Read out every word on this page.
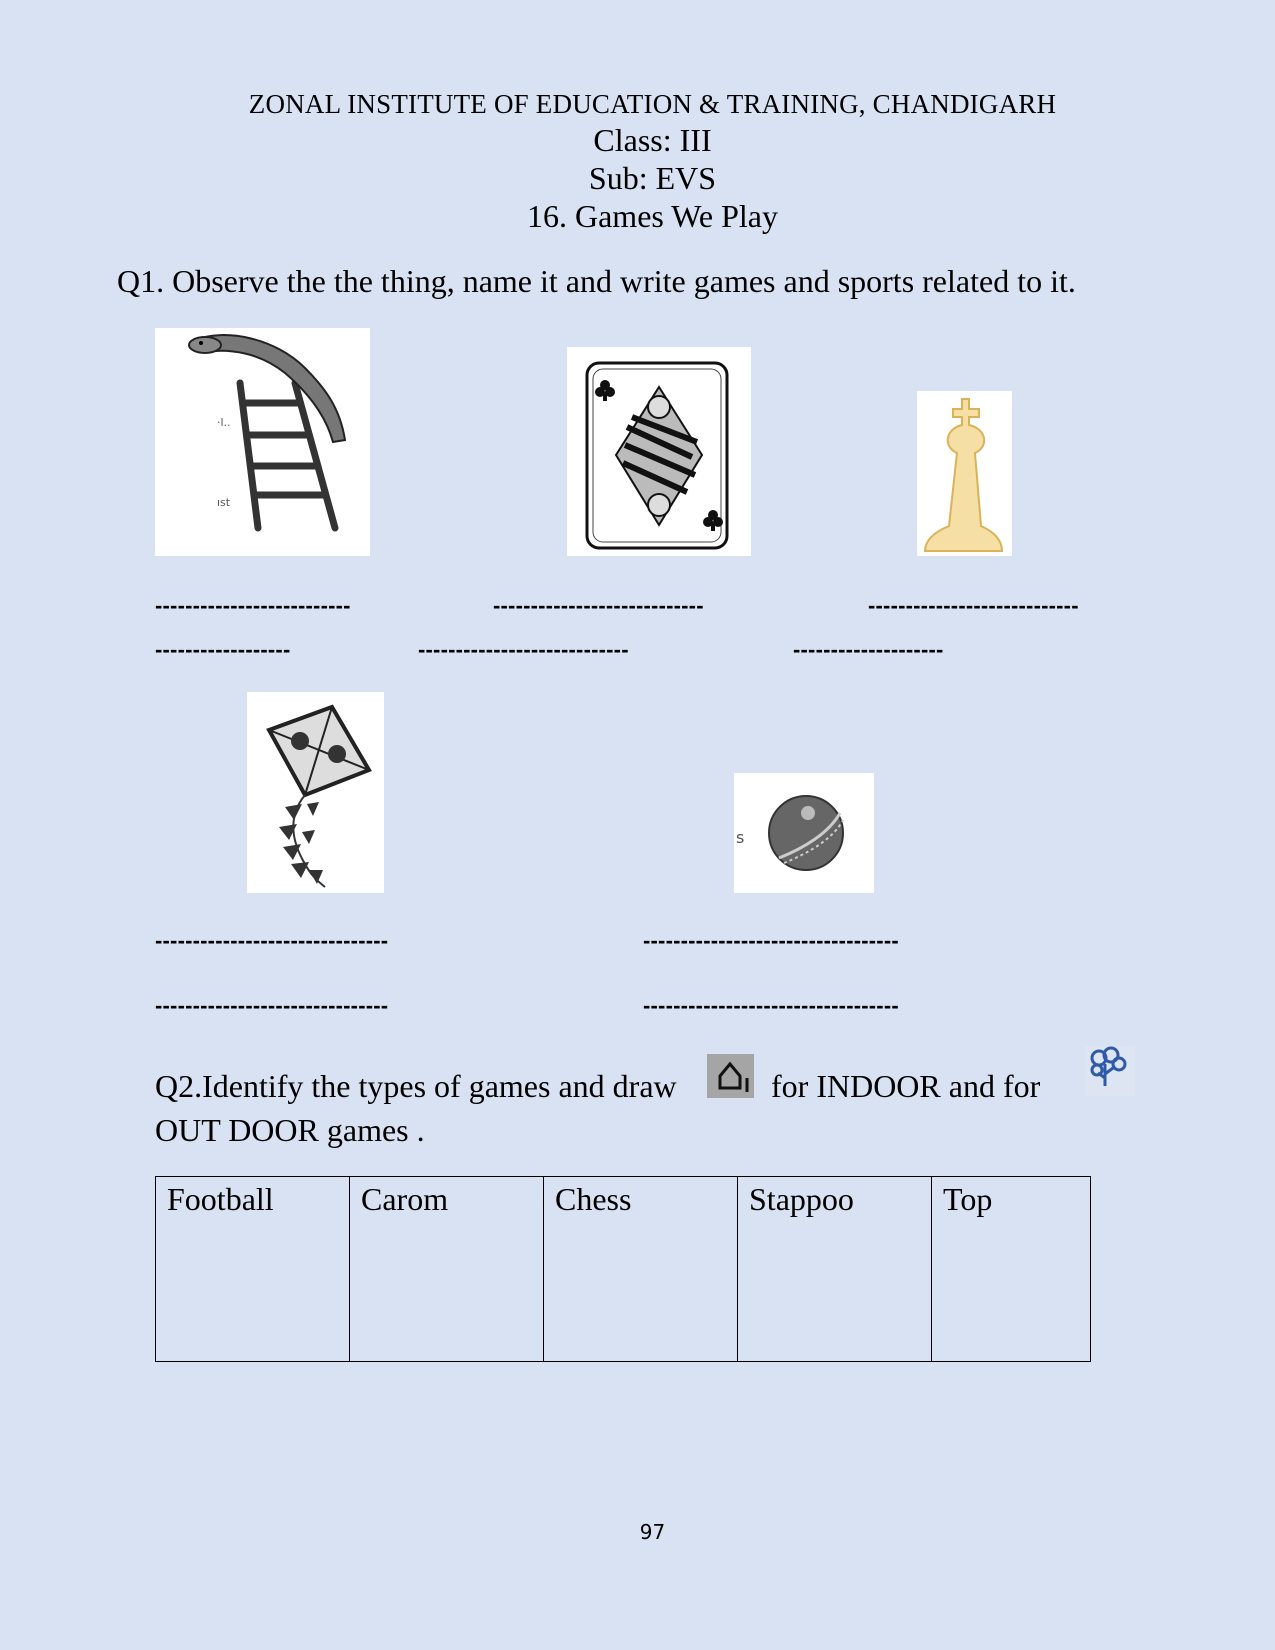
ZONAL INSTITUTE OF EDUCATION & TRAINING, CHANDIGARH
Class: III
Sub: EVS
16. Games We Play
Q1. Observe the the thing, name it and write games and sports related to it.
·l..
ıst
--------------------------	----------------------------	----------------------------
------------------	----------------------------	--------------------
s
-------------------------------	----------------------------------
-------------------------------	----------------------------------
Q2.Identify the types of games and draw	for INDOOR and for
OUT DOOR games .
Football	Carom	Chess	Stappoo	Top
97
